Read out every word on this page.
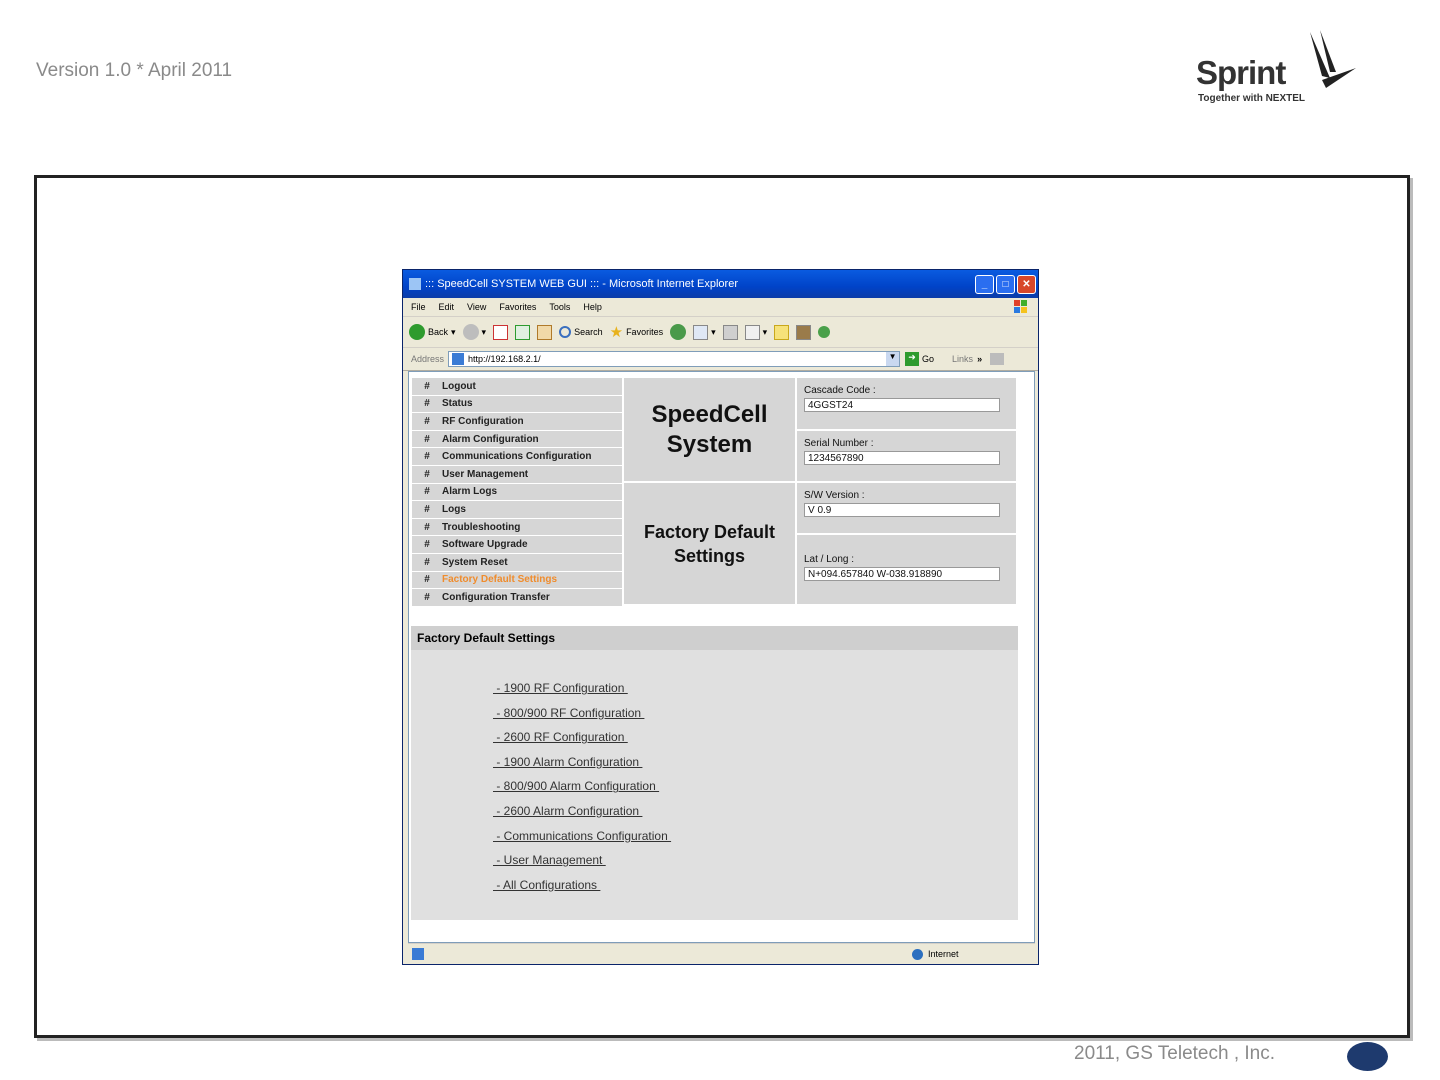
Version 1.0 * April 2011	Sprint
Together with NEXTEL
::: SpeedCell SYSTEM WEB GUI ::: - Microsoft Internet Explorer	_	□	✕
File Edit View Favorites Tools Help
Back ▾	▾	Search ★ Favorites	▾	▾
Address	http://192.168.2.1/	▼	➜ Go Links »
#	Logout
#	Status
#	RF Configuration
#	Alarm Configuration
#	Communications Configuration
#	User Management
#	Alarm Logs
#	Logs
#	Troubleshooting
#	Software Upgrade
#	System Reset
#	Factory Default Settings
#	Configuration Transfer
SpeedCell
System
Factory Default
Settings
Cascade Code :
4GGST24
Serial Number :
1234567890
S/W Version :
V 0.9
Lat / Long :
N+094.657840 W-038.918890
Factory Default Settings
- 1900 RF Configuration
- 800/900 RF Configuration
- 2600 RF Configuration
- 1900 Alarm Configuration
- 800/900 Alarm Configuration
- 2600 Alarm Configuration
- Communications Configuration
- User Management
- All Configurations
Internet
2011, GS Teletech , Inc.
